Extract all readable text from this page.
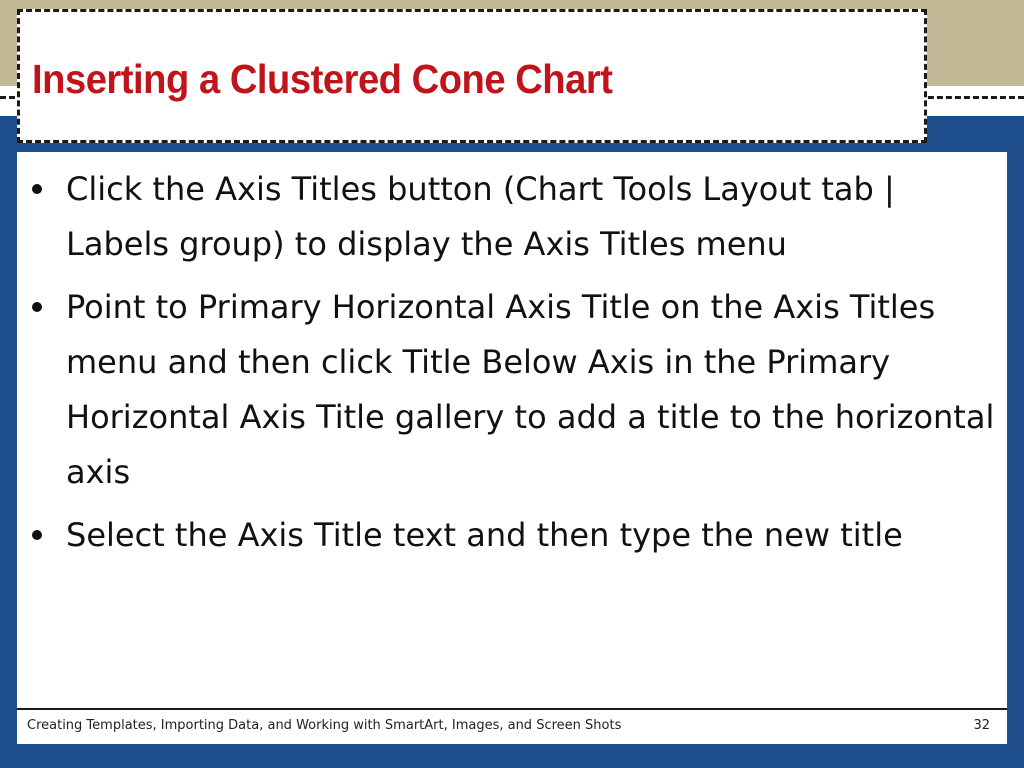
Inserting a Clustered Cone Chart
Click the Axis Titles button (Chart Tools Layout tab | Labels group) to display the Axis Titles menu
Point to Primary Horizontal Axis Title on the Axis Titles menu and then click Title Below Axis in the Primary Horizontal Axis Title gallery to add a title to the horizontal axis
Select the Axis Title text and then type the new title
Creating Templates, Importing Data, and Working with SmartArt, Images, and Screen Shots	32
